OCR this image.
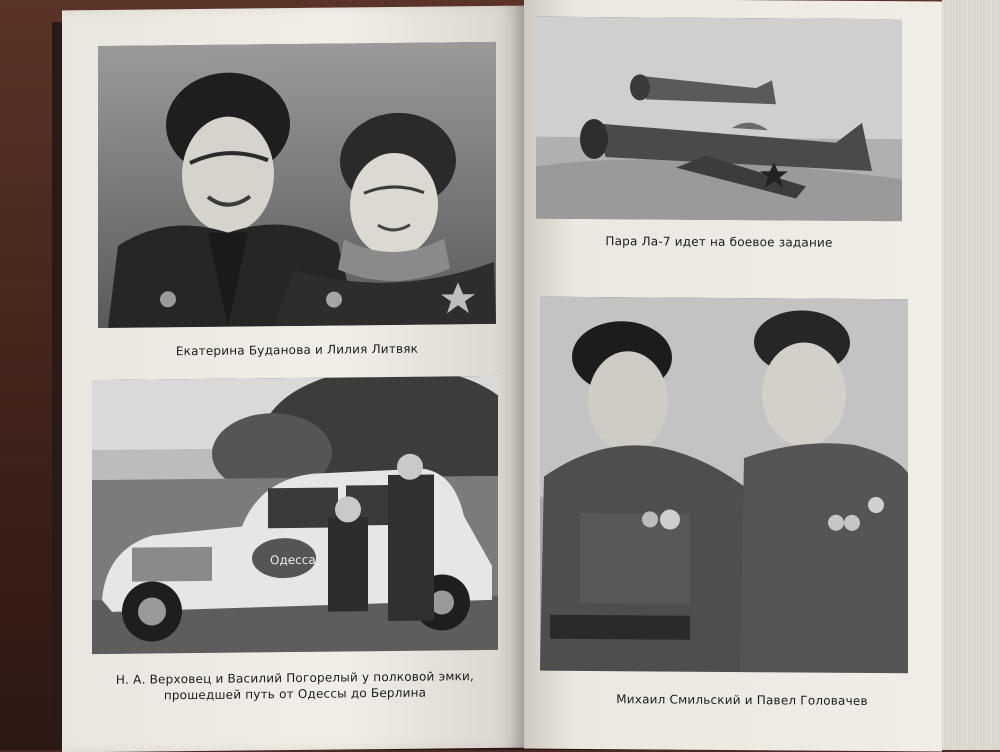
Екатерина Буданова и Лилия Литвяк
Одесса
Н. А. Верховец и Василий Погорелый у полковой эмки,
прошедшей путь от Одессы до Берлина
Пара Ла-7 идет на боевое задание
Михаил Смильский и Павел Головачев
